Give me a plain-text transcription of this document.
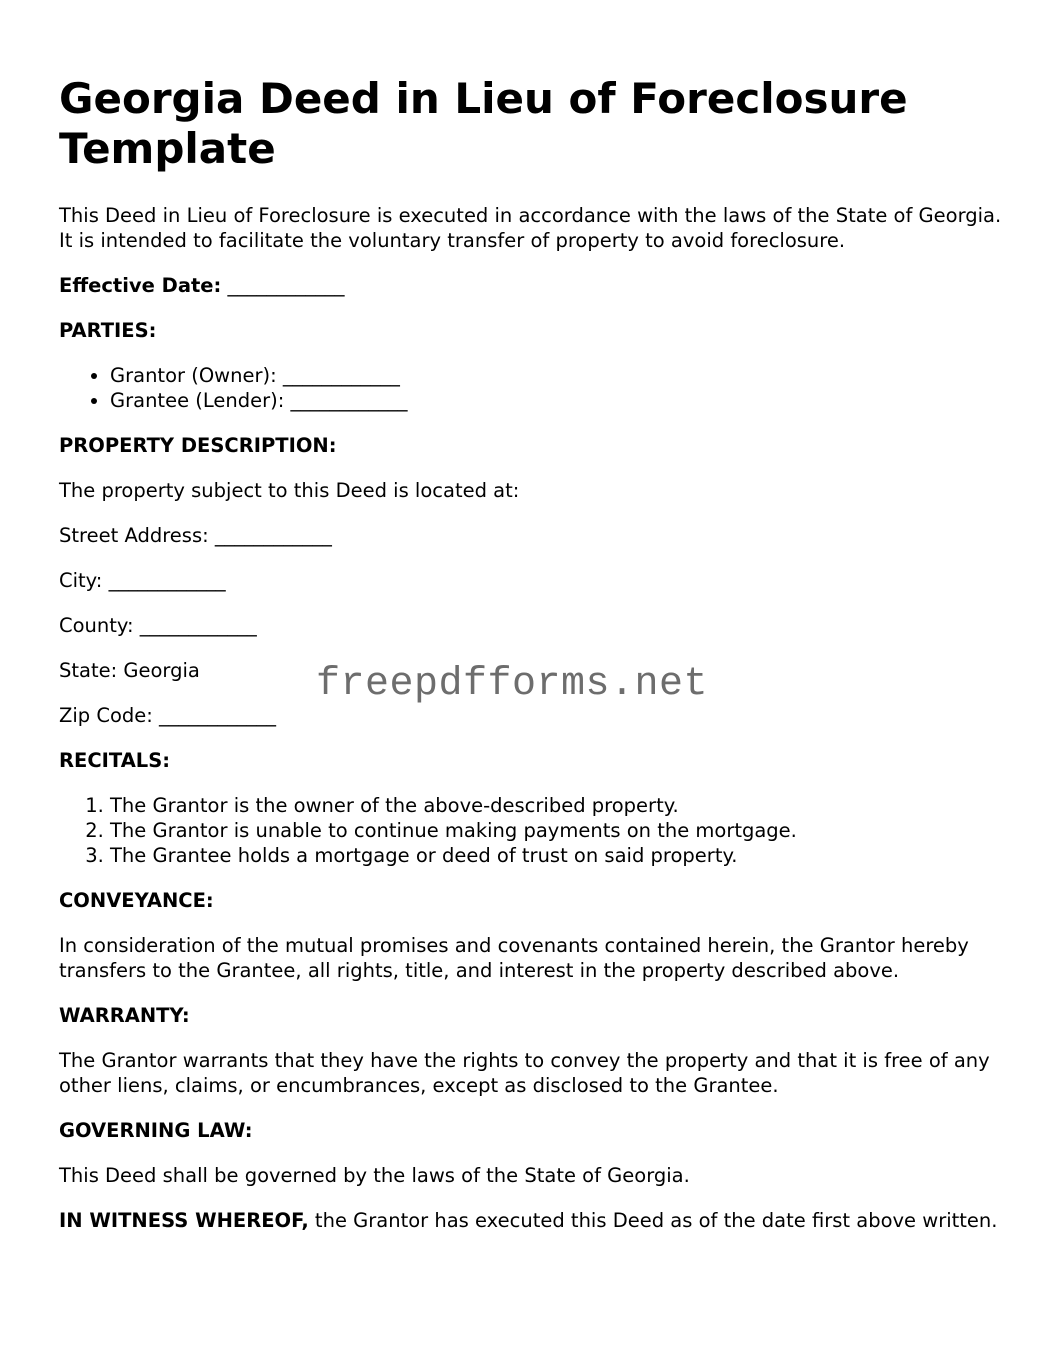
Georgia Deed in Lieu of Foreclosure Template

This Deed in Lieu of Foreclosure is executed in accordance with the laws of the State of Georgia. It is intended to facilitate the voluntary transfer of property to avoid foreclosure.

Effective Date: ____________

PARTIES:

• Grantor (Owner): ____________
• Grantee (Lender): ____________

PROPERTY DESCRIPTION:

The property subject to this Deed is located at:

Street Address: ____________

City: ____________

County: ____________

State: Georgia

Zip Code: ____________

RECITALS:

1. The Grantor is the owner of the above-described property.
2. The Grantor is unable to continue making payments on the mortgage.
3. The Grantee holds a mortgage or deed of trust on said property.

CONVEYANCE:

In consideration of the mutual promises and covenants contained herein, the Grantor hereby transfers to the Grantee, all rights, title, and interest in the property described above.

WARRANTY:

The Grantor warrants that they have the rights to convey the property and that it is free of any other liens, claims, or encumbrances, except as disclosed to the Grantee.

GOVERNING LAW:

This Deed shall be governed by the laws of the State of Georgia.

IN WITNESS WHEREOF, the Grantor has executed this Deed as of the date first above written.

freepdfforms.net
